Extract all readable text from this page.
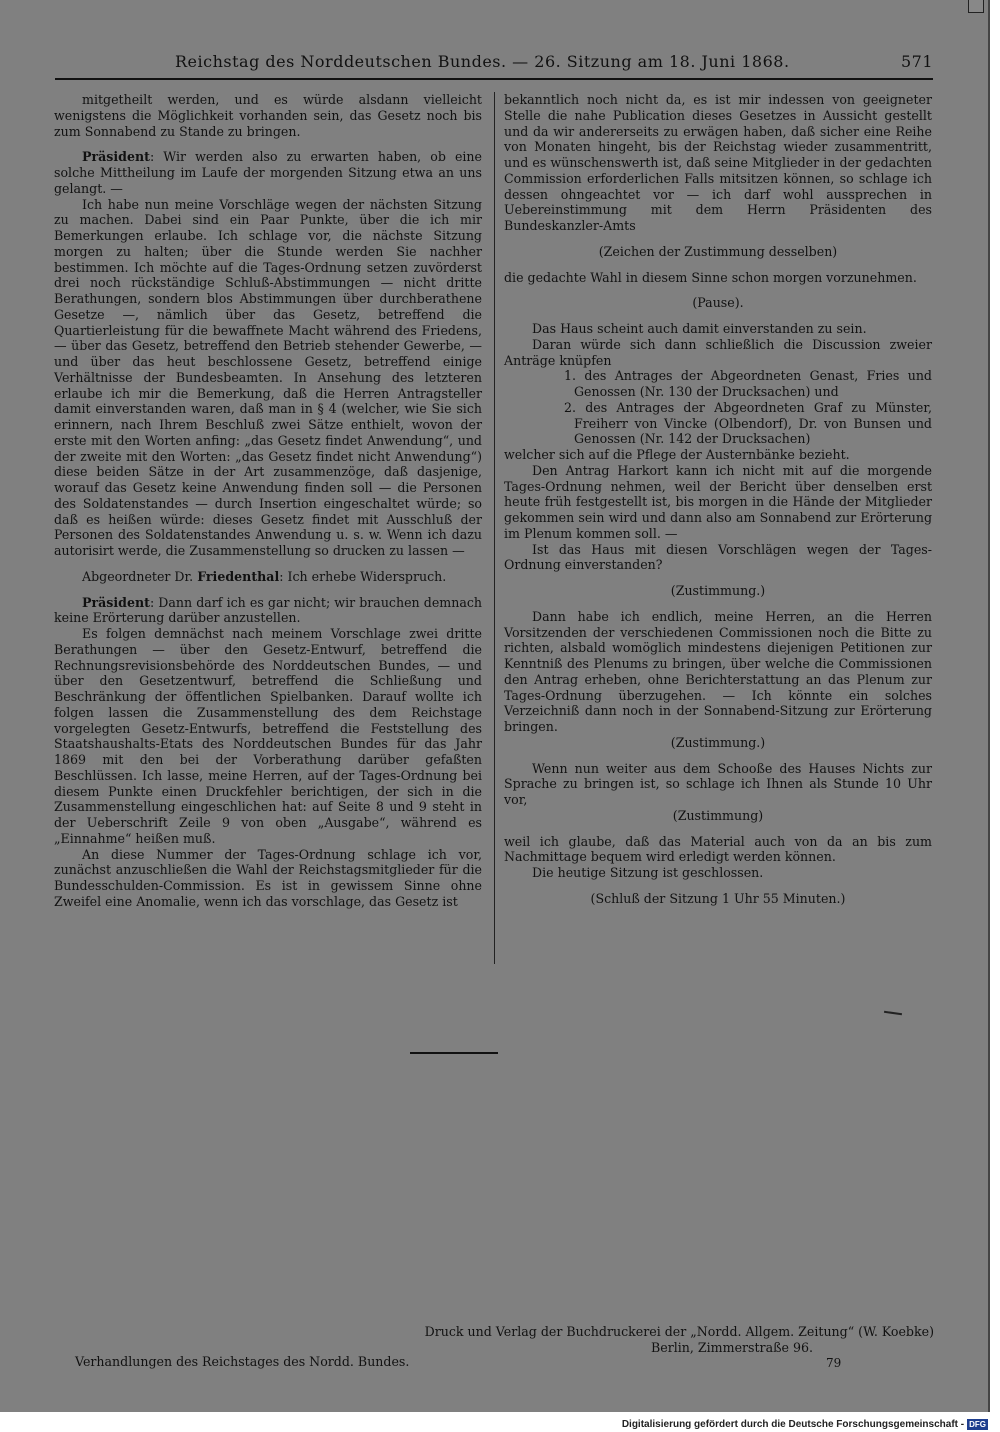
Reichstag des Norddeutschen Bundes. — 26. Sitzung am 18. Juni 1868.	571

mitgetheilt werden, und es würde alsdann vielleicht wenigstens die Möglichkeit vorhanden sein, das Gesetz noch bis zum Sonnabend zu Stande zu bringen.

Präsident: Wir werden also zu erwarten haben, ob eine solche Mittheilung im Laufe der morgenden Sitzung etwa an uns gelangt. —

Ich habe nun meine Vorschläge wegen der nächsten Sitzung zu machen. Dabei sind ein Paar Punkte, über die ich mir Bemerkungen erlaube. Ich schlage vor, die nächste Sitzung morgen zu halten; über die Stunde werden Sie nachher bestimmen. Ich möchte auf die Tages-Ordnung setzen zuvörderst drei noch rückständige Schluß-Abstimmungen — nicht dritte Berathungen, sondern blos Abstimmungen über durchberathene Gesetze —, nämlich über das Gesetz, betreffend die Quartierleistung für die bewaffnete Macht während des Friedens, — über das Gesetz, betreffend den Betrieb stehender Gewerbe, — und über das heut beschlossene Gesetz, betreffend einige Verhältnisse der Bundesbeamten. In Ansehung des letzteren erlaube ich mir die Bemerkung, daß die Herren Antragsteller damit einverstanden waren, daß man in § 4 (welcher, wie Sie sich erinnern, nach Ihrem Beschluß zwei Sätze enthielt, wovon der erste mit den Worten anfing: „das Gesetz findet Anwendung“, und der zweite mit den Worten: „das Gesetz findet nicht Anwendung“) diese beiden Sätze in der Art zusammenzöge, daß dasjenige, worauf das Gesetz keine Anwendung finden soll — die Personen des Soldatenstandes — durch Insertion eingeschaltet würde; so daß es heißen würde: dieses Gesetz findet mit Ausschluß der Personen des Soldatenstandes Anwendung u. s. w. Wenn ich dazu autorisirt werde, die Zusammenstellung so drucken zu lassen —

Abgeordneter Dr. Friedenthal: Ich erhebe Widerspruch.

Präsident: Dann darf ich es gar nicht; wir brauchen demnach keine Erörterung darüber anzustellen.

Es folgen demnächst nach meinem Vorschlage zwei dritte Berathungen — über den Gesetz-Entwurf, betreffend die Rechnungsrevisionsbehörde des Norddeutschen Bundes, — und über den Gesetzentwurf, betreffend die Schließung und Beschränkung der öffentlichen Spielbanken. Darauf wollte ich folgen lassen die Zusammenstellung des dem Reichstage vorgelegten Gesetz-Entwurfs, betreffend die Feststellung des Staatshaushalts-Etats des Norddeutschen Bundes für das Jahr 1869 mit den bei der Vorberathung darüber gefaßten Beschlüssen. Ich lasse, meine Herren, auf der Tages-Ordnung bei diesem Punkte einen Druckfehler berichtigen, der sich in die Zusammenstellung eingeschlichen hat: auf Seite 8 und 9 steht in der Ueberschrift Zeile 9 von oben „Ausgabe“, während es „Einnahme“ heißen muß.

An diese Nummer der Tages-Ordnung schlage ich vor, zunächst anzuschließen die Wahl der Reichstagsmitglieder für die Bundesschulden-Commission. Es ist in gewissem Sinne ohne Zweifel eine Anomalie, wenn ich das vorschlage, das Gesetz ist

bekanntlich noch nicht da, es ist mir indessen von geeigneter Stelle die nahe Publication dieses Gesetzes in Aussicht gestellt und da wir andererseits zu erwägen haben, daß sicher eine Reihe von Monaten hingeht, bis der Reichstag wieder zusammentritt, und es wünschenswerth ist, daß seine Mitglieder in der gedachten Commission erforderlichen Falls mitsitzen können, so schlage ich dessen ohngeachtet vor — ich darf wohl aussprechen in Uebereinstimmung mit dem Herrn Präsidenten des Bundeskanzler-Amts

(Zeichen der Zustimmung desselben)

die gedachte Wahl in diesem Sinne schon morgen vorzunehmen.

(Pause).

Das Haus scheint auch damit einverstanden zu sein.

Daran würde sich dann schließlich die Discussion zweier Anträge knüpfen

1. des Antrages der Abgeordneten Genast, Fries und Genossen (Nr. 130 der Drucksachen) und

2. des Antrages der Abgeordneten Graf zu Münster, Freiherr von Vincke (Olbendorf), Dr. von Bunsen und Genossen (Nr. 142 der Drucksachen)

welcher sich auf die Pflege der Austernbänke bezieht.

Den Antrag Harkort kann ich nicht mit auf die morgende Tages-Ordnung nehmen, weil der Bericht über denselben erst heute früh festgestellt ist, bis morgen in die Hände der Mitglieder gekommen sein wird und dann also am Sonnabend zur Erörterung im Plenum kommen soll. —

Ist das Haus mit diesen Vorschlägen wegen der Tages-Ordnung einverstanden?

(Zustimmung.)

Dann habe ich endlich, meine Herren, an die Herren Vorsitzenden der verschiedenen Commissionen noch die Bitte zu richten, alsbald womöglich mindestens diejenigen Petitionen zur Kenntniß des Plenums zu bringen, über welche die Commissionen den Antrag erheben, ohne Berichterstattung an das Plenum zur Tages-Ordnung überzugehen. — Ich könnte ein solches Verzeichniß dann noch in der Sonnabend-Sitzung zur Erörterung bringen.

(Zustimmung.)

Wenn nun weiter aus dem Schooße des Hauses Nichts zur Sprache zu bringen ist, so schlage ich Ihnen als Stunde 10 Uhr vor,

(Zustimmung)

weil ich glaube, daß das Material auch von da an bis zum Nachmittage bequem wird erledigt werden können.

Die heutige Sitzung ist geschlossen.

(Schluß der Sitzung 1 Uhr 55 Minuten.)

Druck und Verlag der Buchdruckerei der „Nordd. Allgem. Zeitung“ (W. Koebke)

Berlin, Zimmerstraße 96.

Verhandlungen des Reichstages des Nordd. Bundes.	79
Digitalisierung gefördert durch die Deutsche Forschungsgemeinschaft - DFG
